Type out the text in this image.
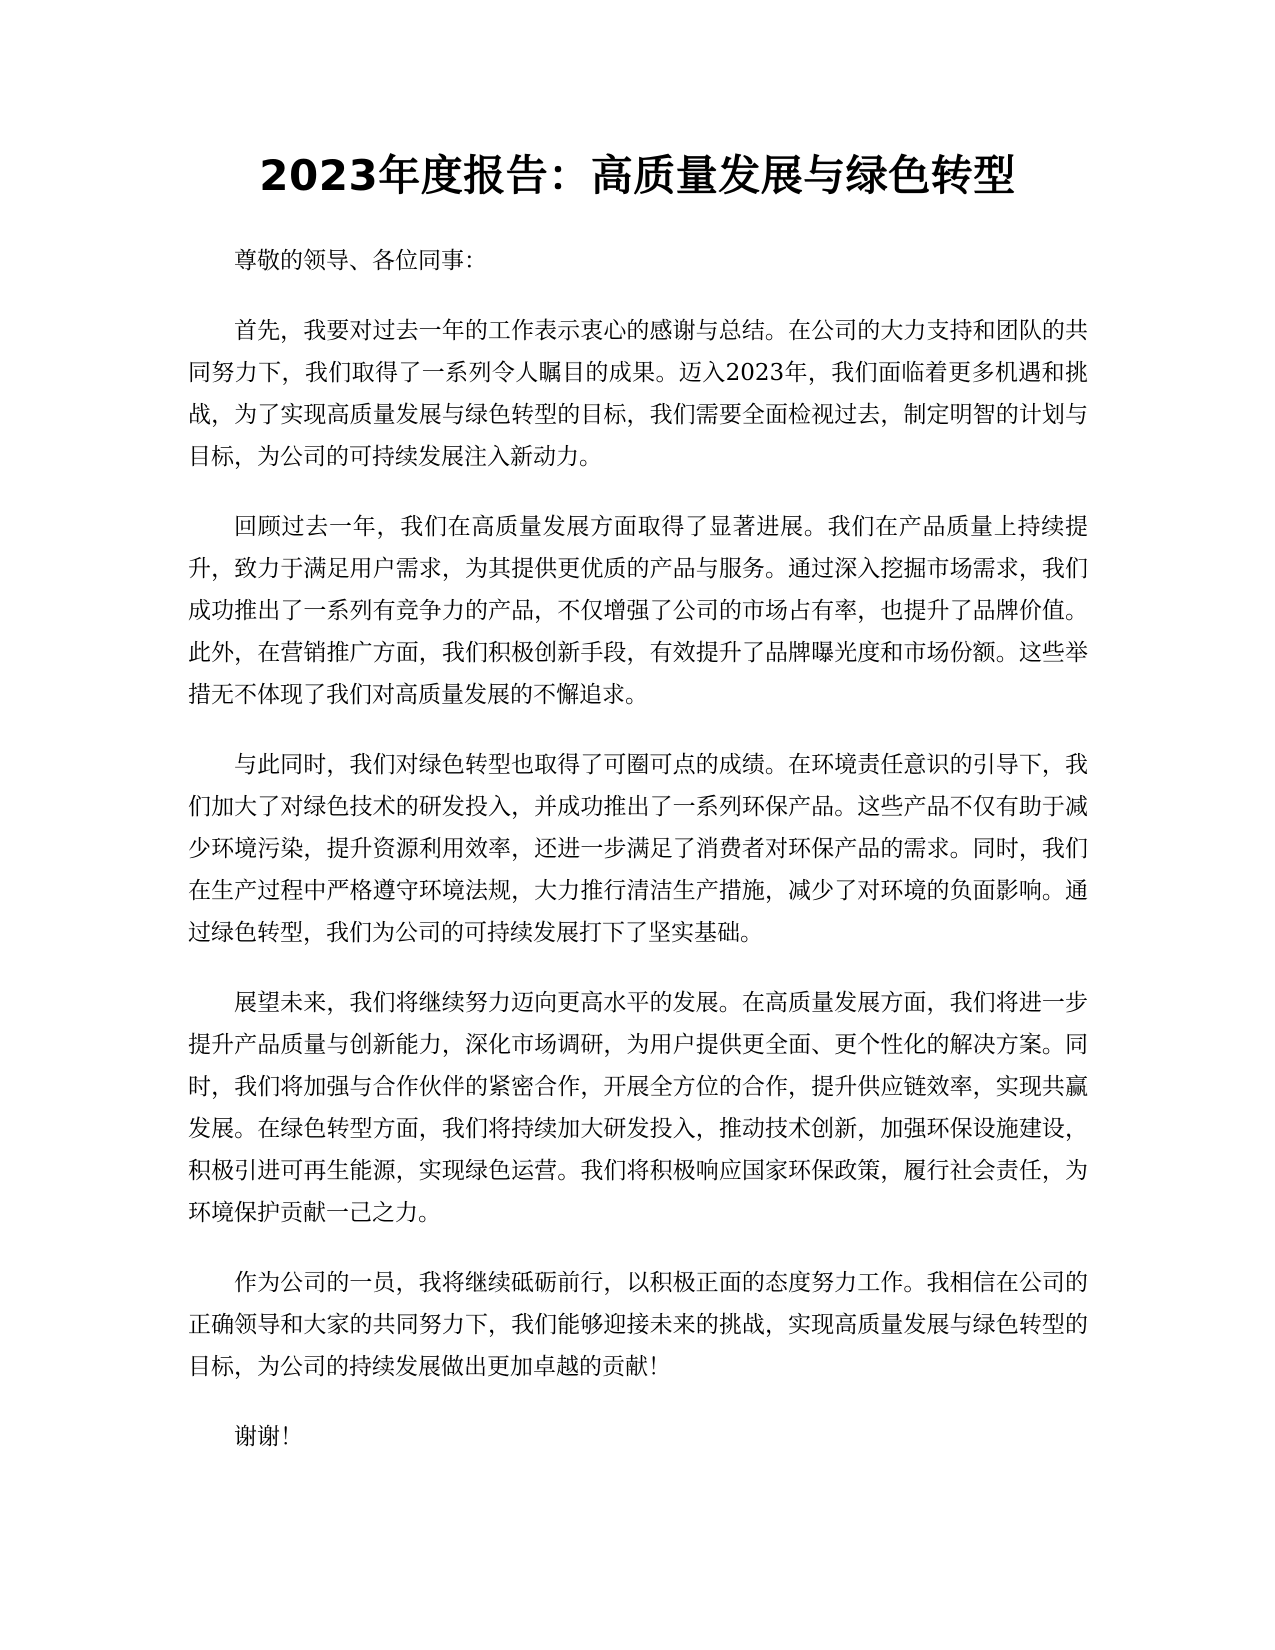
2023年度报告：高质量发展与绿色转型

尊敬的领导、各位同事：

首先，我要对过去一年的工作表示衷心的感谢与总结。在公司的大力支持和团队的共同努力下，我们取得了一系列令人瞩目的成果。迈入2023年，我们面临着更多机遇和挑战，为了实现高质量发展与绿色转型的目标，我们需要全面检视过去，制定明智的计划与目标，为公司的可持续发展注入新动力。

回顾过去一年，我们在高质量发展方面取得了显著进展。我们在产品质量上持续提升，致力于满足用户需求，为其提供更优质的产品与服务。通过深入挖掘市场需求，我们成功推出了一系列有竞争力的产品，不仅增强了公司的市场占有率，也提升了品牌价值。此外，在营销推广方面，我们积极创新手段，有效提升了品牌曝光度和市场份额。这些举措无不体现了我们对高质量发展的不懈追求。

与此同时，我们对绿色转型也取得了可圈可点的成绩。在环境责任意识的引导下，我们加大了对绿色技术的研发投入，并成功推出了一系列环保产品。这些产品不仅有助于减少环境污染，提升资源利用效率，还进一步满足了消费者对环保产品的需求。同时，我们在生产过程中严格遵守环境法规，大力推行清洁生产措施，减少了对环境的负面影响。通过绿色转型，我们为公司的可持续发展打下了坚实基础。

展望未来，我们将继续努力迈向更高水平的发展。在高质量发展方面，我们将进一步提升产品质量与创新能力，深化市场调研，为用户提供更全面、更个性化的解决方案。同时，我们将加强与合作伙伴的紧密合作，开展全方位的合作，提升供应链效率，实现共赢发展。在绿色转型方面，我们将持续加大研发投入，推动技术创新，加强环保设施建设，积极引进可再生能源，实现绿色运营。我们将积极响应国家环保政策，履行社会责任，为环境保护贡献一己之力。

作为公司的一员，我将继续砥砺前行，以积极正面的态度努力工作。我相信在公司的正确领导和大家的共同努力下，我们能够迎接未来的挑战，实现高质量发展与绿色转型的目标，为公司的持续发展做出更加卓越的贡献！

谢谢！
